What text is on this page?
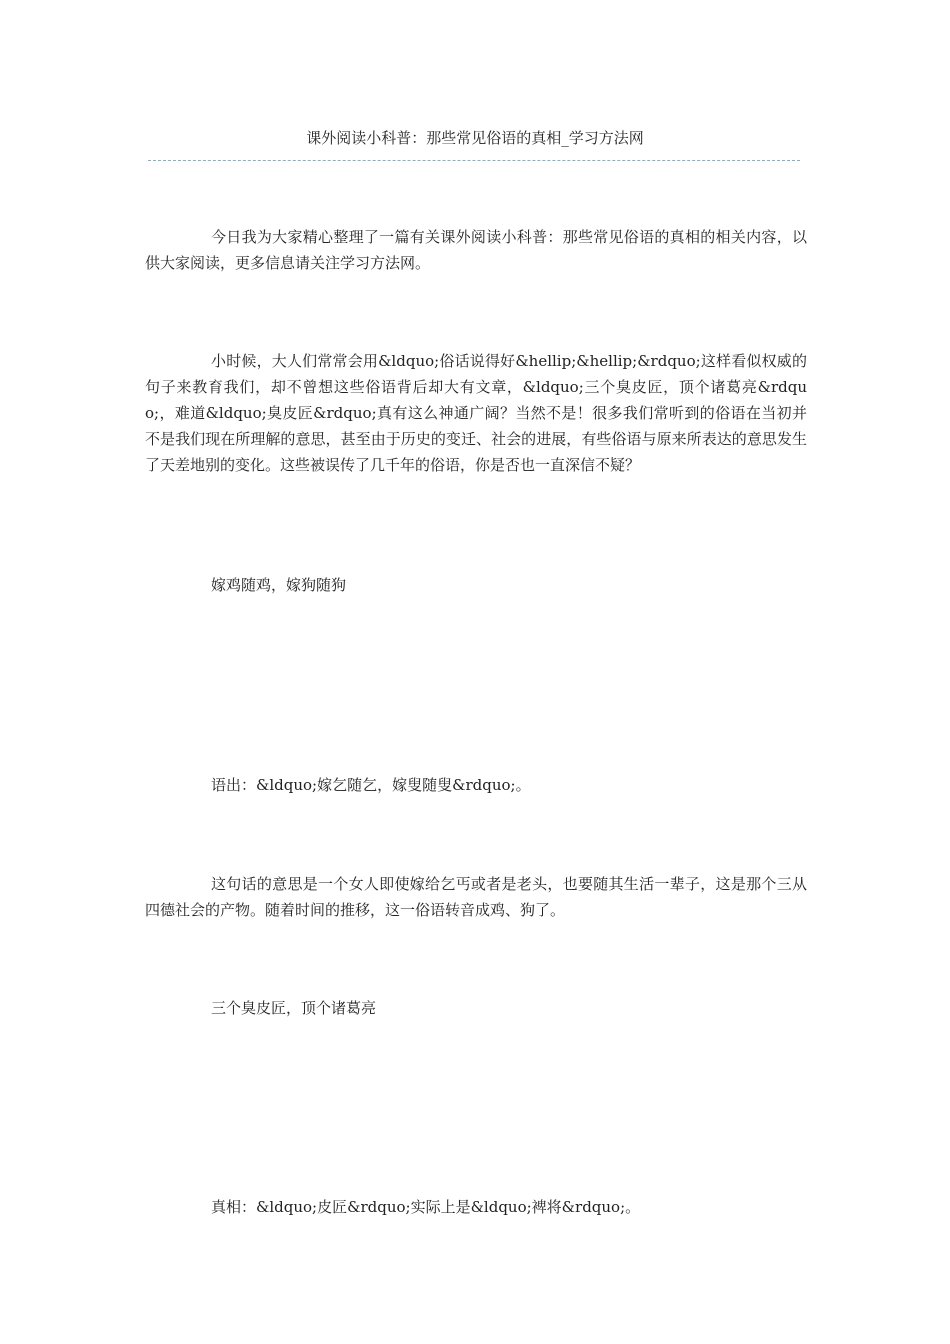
课外阅读小科普：那些常见俗语的真相_学习方法网

今日我为大家精心整理了一篇有关课外阅读小科普：那些常见俗语的真相的相关内容，以供大家阅读，更多信息请关注学习方法网。

小时候，大人们常常会用&ldquo;俗话说得好&hellip;&hellip;&rdquo;这样看似权威的句子来教育我们，却不曾想这些俗语背后却大有文章，&ldquo;三个臭皮匠，顶个诸葛亮&rdquo;，难道&ldquo;臭皮匠&rdquo;真有这么神通广阔？当然不是！很多我们常听到的俗语在当初并不是我们现在所理解的意思，甚至由于历史的变迁、社会的进展，有些俗语与原来所表达的意思发生了天差地别的变化。这些被误传了几千年的俗语，你是否也一直深信不疑？

嫁鸡随鸡，嫁狗随狗

语出：&ldquo;嫁乞随乞，嫁叟随叟&rdquo;。

这句话的意思是一个女人即使嫁给乞丐或者是老头，也要随其生活一辈子，这是那个三从四德社会的产物。随着时间的推移，这一俗语转音成鸡、狗了。

三个臭皮匠，顶个诸葛亮

真相：&ldquo;皮匠&rdquo;实际上是&ldquo;裨将&rdquo;。
